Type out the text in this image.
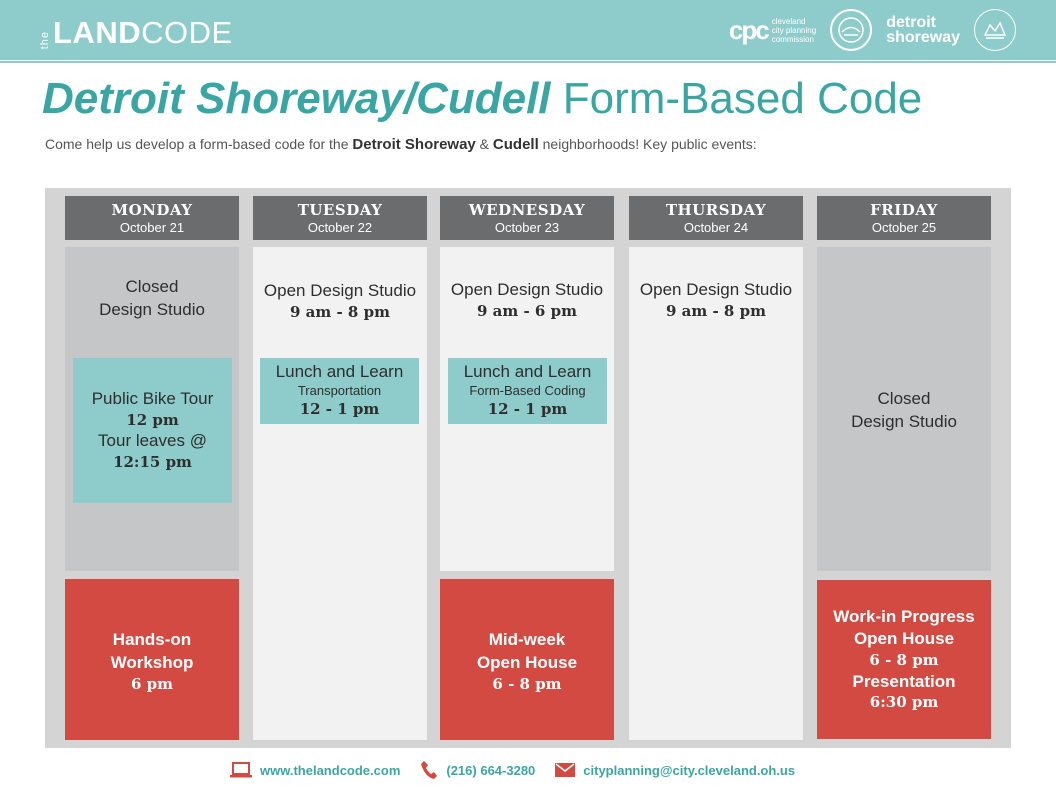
the LAND CODE	cpc cleveland
city planning
commission
detroit
shoreway
Detroit Shoreway/Cudell Form-Based Code
Come help us develop a form-based code for the Detroit Shoreway & Cudell neighborhoods! Key public events:
MONDAY
October 21
TUESDAY
October 22
WEDNESDAY
October 23
THURSDAY
October 24
FRIDAY
October 25
Closed
Design Studio
Public Bike Tour
12 pm
Tour leaves @
12:15 pm
Hands-on
Workshop
6 pm
Open Design Studio
9 am - 8 pm
Lunch and Learn
Transportation
12 - 1 pm
Open Design Studio
9 am - 6 pm
Lunch and Learn
Form-Based Coding
12 - 1 pm
Mid-week
Open House
6 - 8 pm
Open Design Studio
9 am - 8 pm
Closed
Design Studio
Work-in Progress
Open House
6 - 8 pm
Presentation
6:30 pm
www.thelandcode.com	(216) 664-3280	cityplanning@city.cleveland.oh.us
